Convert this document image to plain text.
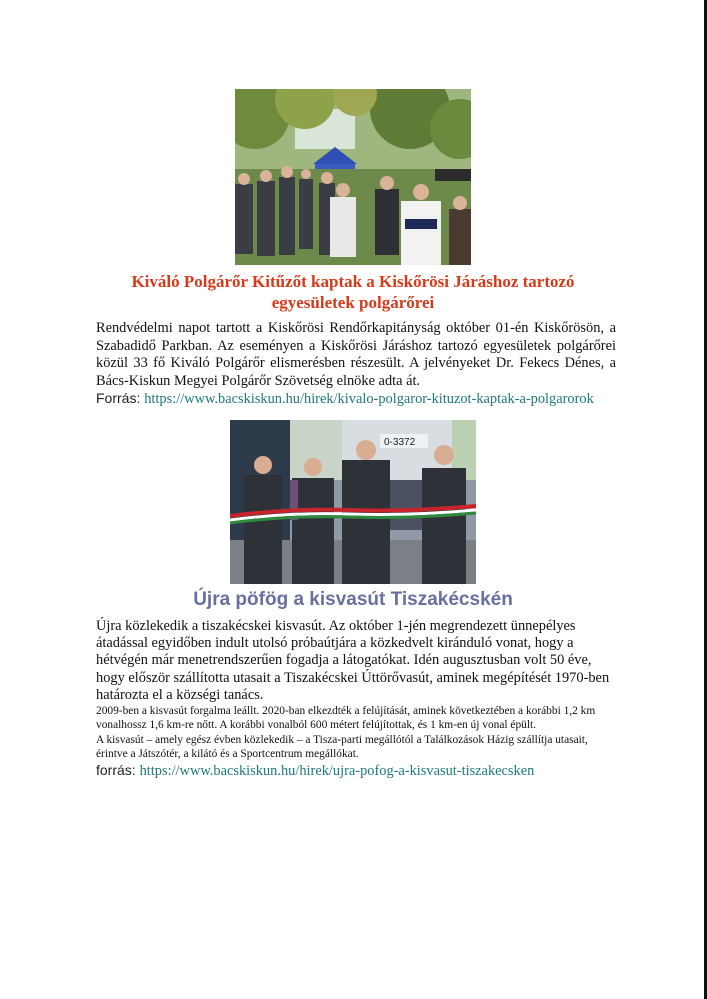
Kiváló Polgárőr Kitűzőt kaptak a Kiskőrösi Járáshoz tartozó egyesületek polgárőrei

Rendvédelmi napot tartott a Kiskőrösi Rendőrkapitányság október 01-én Kiskőrösön, a Szabadidő Parkban. Az eseményen a Kiskőrösi Járáshoz tartozó egyesületek polgárőrei közül 33 fő Kiváló Polgárőr elismerésben részesült. A jelvényeket Dr. Fekecs Dénes, a Bács-Kiskun Megyei Polgárőr Szövetség elnöke adta át.

Forrás: https://www.bacskiskun.hu/hirek/kivalo-polgaror-kituzot-kaptak-a-polgarorok
0-3372
Újra pöfög a kisvasút Tiszakécskén

Újra közlekedik a tiszakécskei kisvasút. Az október 1-jén megrendezett ünnepélyes átadással egyidőben indult utolsó próbaútjára a közkedvelt kiránduló vonat, hogy a hétvégén már menetrendszerűen fogadja a látogatókat. Idén augusztusban volt 50 éve, hogy először szállította utasait a Tiszakécskei Úttörővasút, aminek megépítését 1970-ben határozta el a községi tanács.

2009-ben a kisvasút forgalma leállt. 2020-ban elkezdték a felújítását, aminek következtében a korábbi 1,2 km vonalhossz 1,6 km-re nőtt. A korábbi vonalból 600 métert felújítottak, és 1 km-en új vonal épült.

A kisvasút – amely egész évben közlekedik – a Tisza-parti megállótól a Találkozások Házig szállítja utasait, érintve a Játszótér, a kilátó és a Sportcentrum megállókat.

forrás: https://www.bacskiskun.hu/hirek/ujra-pofog-a-kisvasut-tiszakecsken
